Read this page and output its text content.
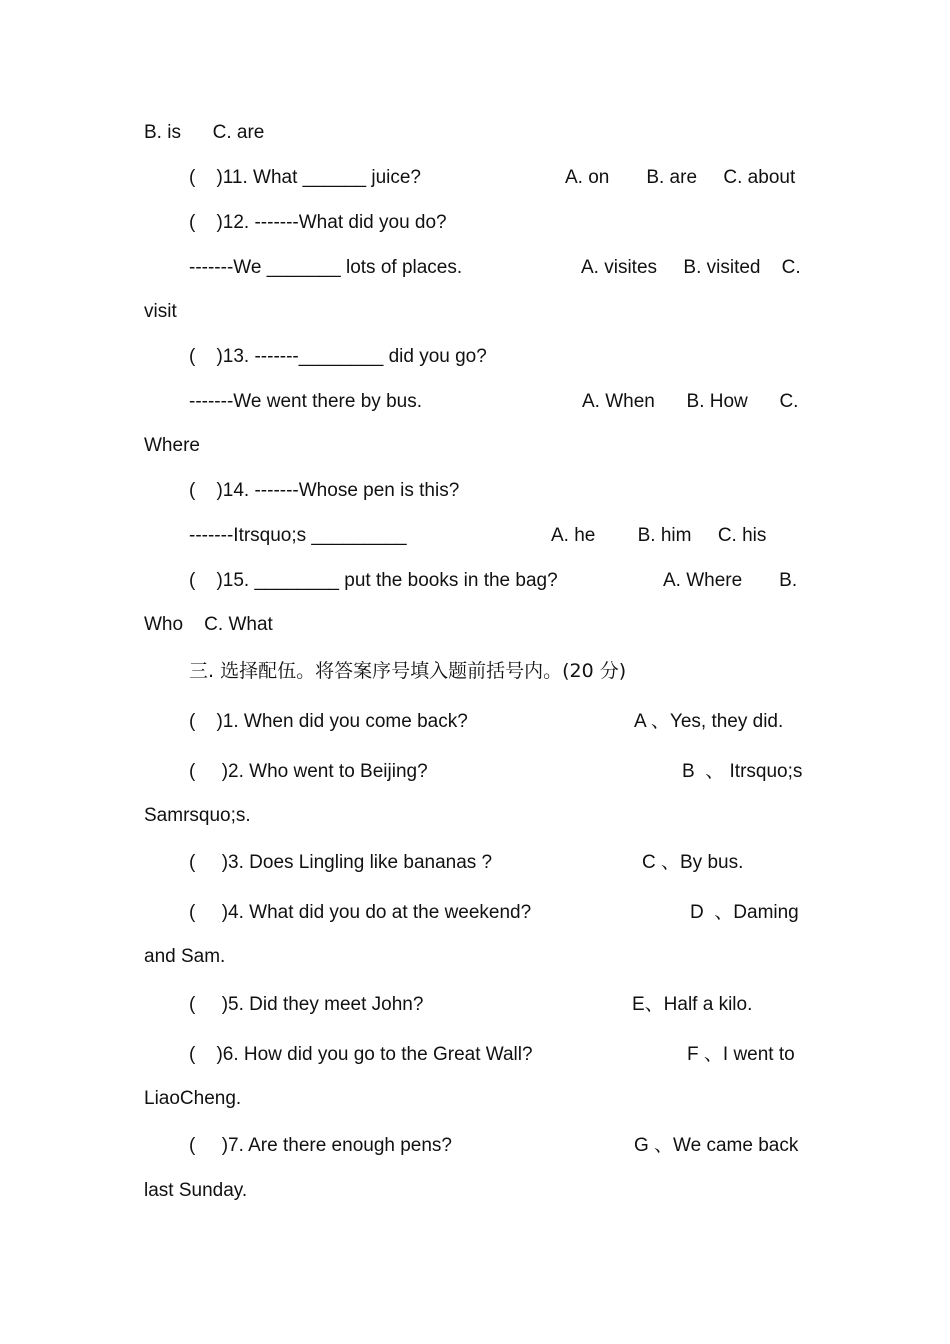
B. is      C. are
(    )11. What ______ juice?	A. on       B. are     C. about
(    )12. -------What did you do?
-------We _______ lots of places.	A. visites     B. visited    C.
visit
(    )13. -------________ did you go?
-------We went there by bus.	A. When      B. How      C.
Where
(    )14. -------Whose pen is this?
-------Itrsquo;s _________	A. he        B. him     C. his
(    )15. ________ put the books in the bag?	A. Where       B.
Who    C. What
三. 选择配伍。将答案序号填入题前括号内。(20 分)
(    )1. When did you come back?	A 、Yes, they did.
(     )2. Who went to Beijing?	B  、 Itrsquo;s
Samrsquo;s.
(     )3. Does Lingling like bananas ?	C 、By bus.
(     )4. What did you do at the weekend?	D  、Daming
and Sam.
(     )5. Did they meet John?	E、Half a kilo.
(    )6. How did you go to the Great Wall?	F 、I went to
LiaoCheng.
(     )7. Are there enough pens?	G 、We came back
last Sunday.
